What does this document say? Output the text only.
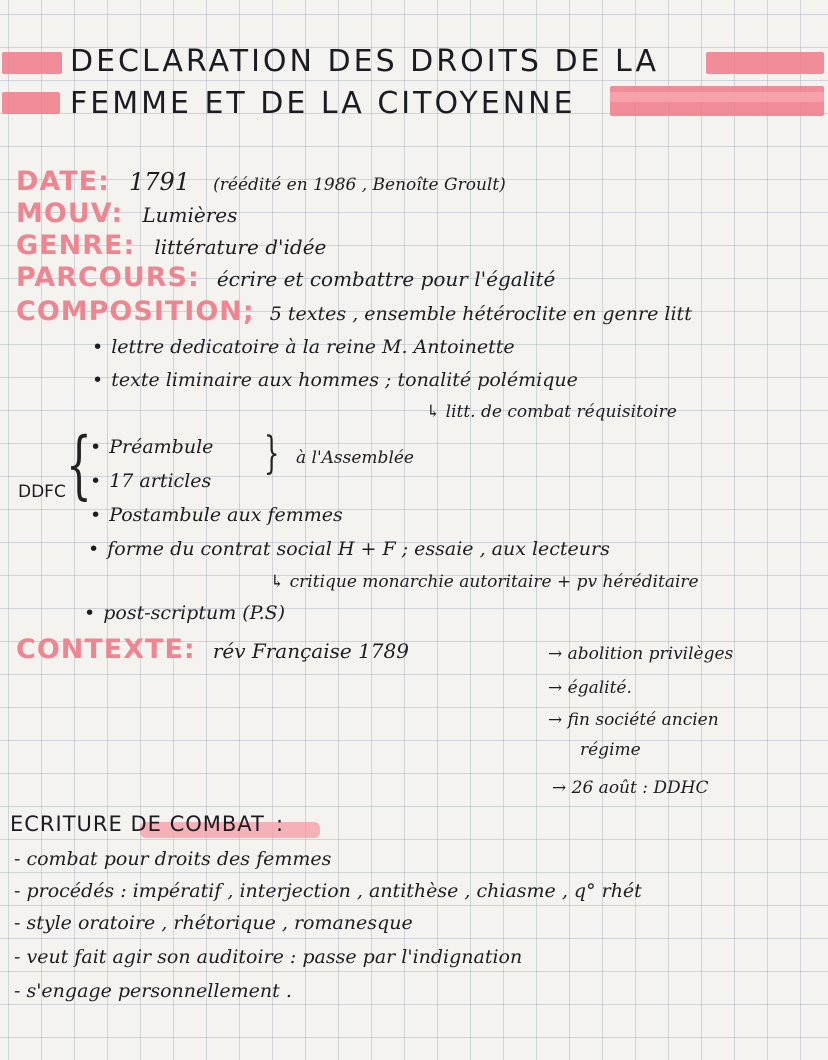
DECLARATION DES DROITS DE LA
FEMME ET DE LA CITOYENNE
DATE: 1791 (réédité en 1986 , Benoîte Groult)
MOUV: Lumières
GENRE: littérature d'idée
PARCOURS: écrire et combattre pour l'égalité
COMPOSITION; 5 textes , ensemble hétéroclite en genre litt
• lettre dedicatoire à la reine M. Antoinette
• texte liminaire aux hommes ; tonalité polémique
↳ litt. de combat réquisitoire
DDFC {
• Préambule
• 17 articles
} à l'Assemblée
• Postambule aux femmes
• forme du contrat social H + F ; essaie , aux lecteurs
↳ critique monarchie autoritaire + pv héréditaire
• post-scriptum (P.S)
CONTEXTE: rév Française 1789	→ abolition privilèges
→ égalité.
→ fin société ancien
régime
→ 26 août : DDHC
ECRITURE DE COMBAT :
- combat pour droits des femmes
- procédés : impératif , interjection , antithèse , chiasme , q° rhét
- style oratoire , rhétorique , romanesque
- veut fait agir son auditoire : passe par l'indignation
- s'engage personnellement .
